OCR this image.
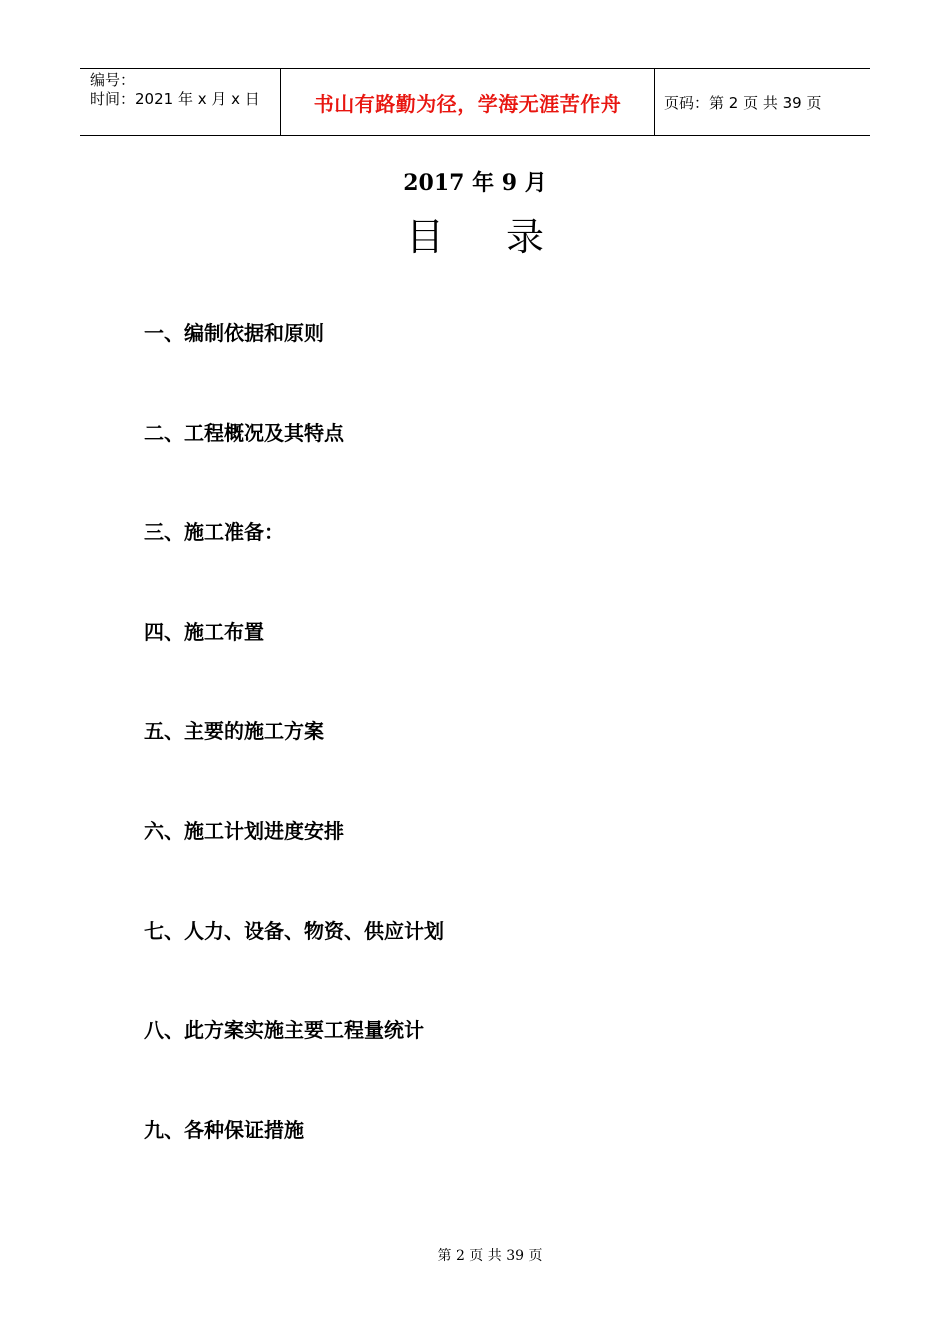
编号：
时间：2021 年 x 月 x 日	书山有路勤为径，学海无涯苦作舟	页码：第 2 页 共 39 页
2017 年 9 月
目录
一、编制依据和原则
二、工程概况及其特点
三、施工准备：
四、施工布置
五、主要的施工方案
六、施工计划进度安排
七、人力、设备、物资、供应计划
八、此方案实施主要工程量统计
九、各种保证措施
第 2 页 共 39 页
